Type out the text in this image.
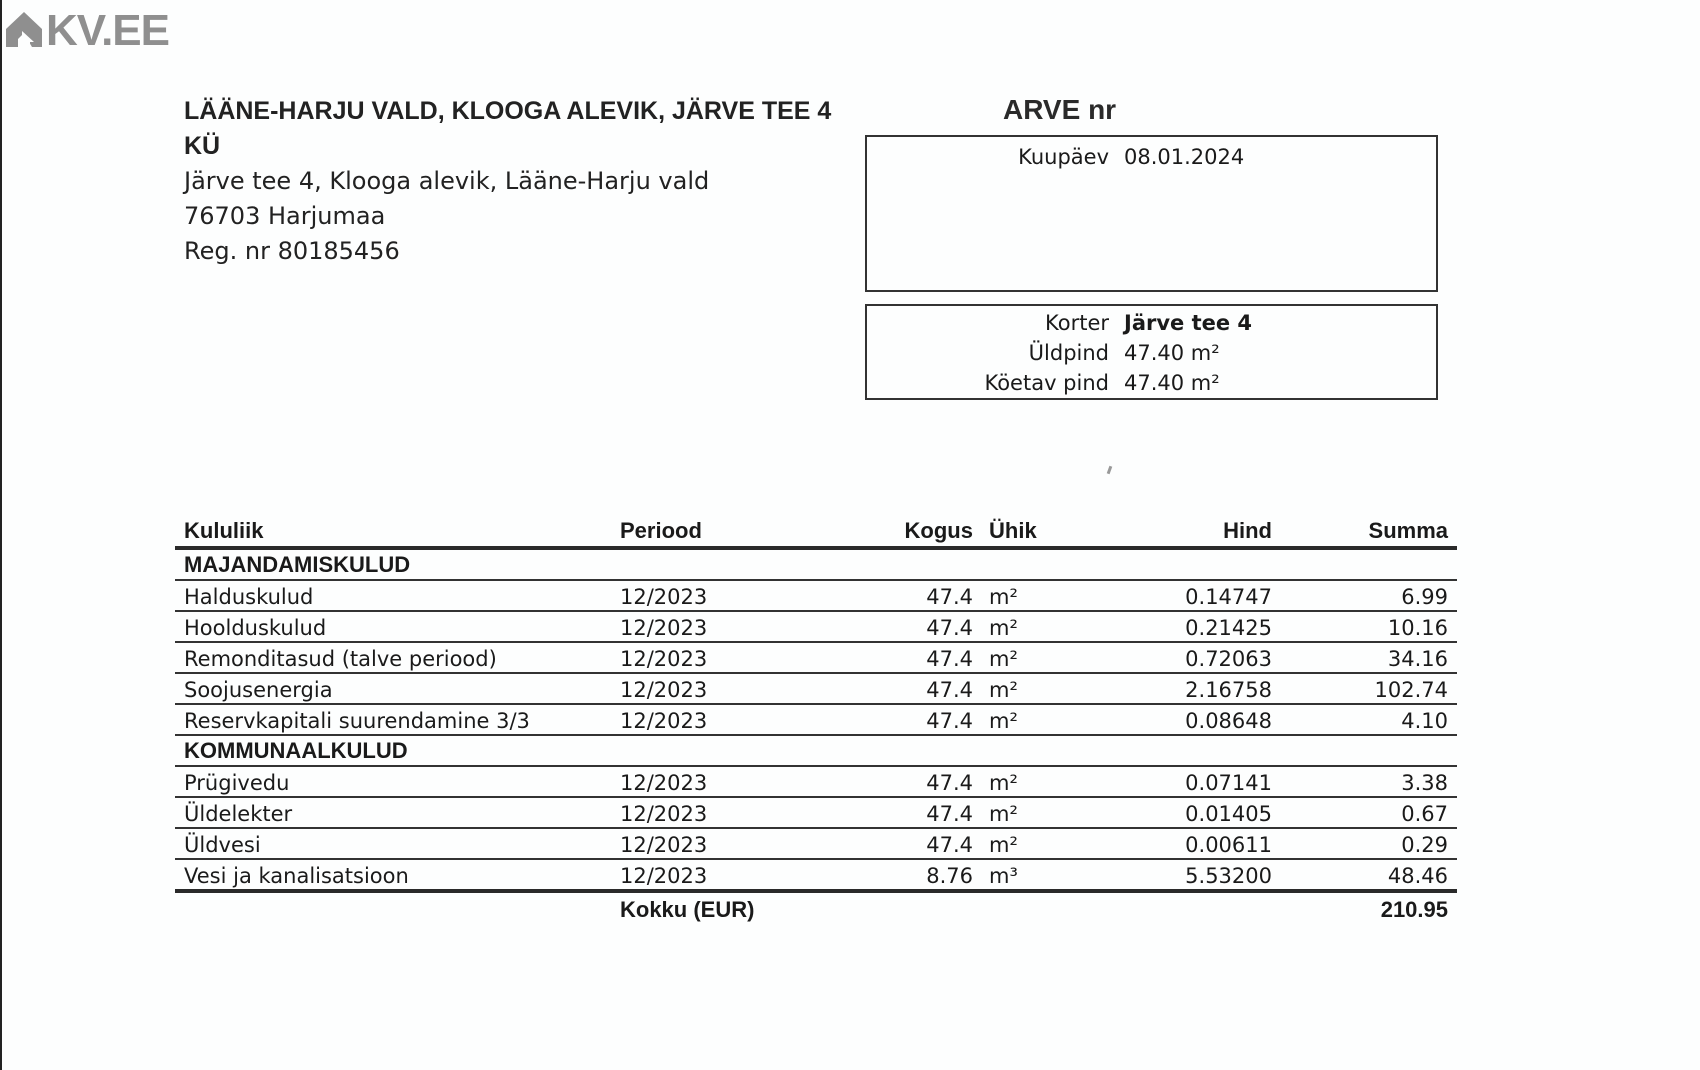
KV.EE
LÄÄNE-HARJU VALD, KLOOGA ALEVIK, JÄRVE TEE 4 KÜ
Järve tee 4, Klooga alevik, Lääne-Harju vald
76703 Harjumaa
Reg. nr 80185456
ARVE nr
Kuupäev 08.01.2024
Korter Järve tee 4
Üldpind 47.40 m²
Köetav pind 47.40 m²
Kululiik	Periood	Kogus Ühik	Hind	Summa
MAJANDAMISKULUD
Halduskulud	12/2023	47.4 m²	0.14747	6.99
Hoolduskulud	12/2023	47.4 m²	0.21425	10.16
Remonditasud (talve periood)	12/2023	47.4 m²	0.72063	34.16
Soojusenergia	12/2023	47.4 m²	2.16758	102.74
Reservkapitali suurendamine 3/3	12/2023	47.4 m²	0.08648	4.10
KOMMUNAALKULUD
Prügivedu	12/2023	47.4 m²	0.07141	3.38
Üldelekter	12/2023	47.4 m²	0.01405	0.67
Üldvesi	12/2023	47.4 m²	0.00611	0.29
Vesi ja kanalisatsioon	12/2023	8.76 m³	5.53200	48.46
Kokku (EUR)	210.95
